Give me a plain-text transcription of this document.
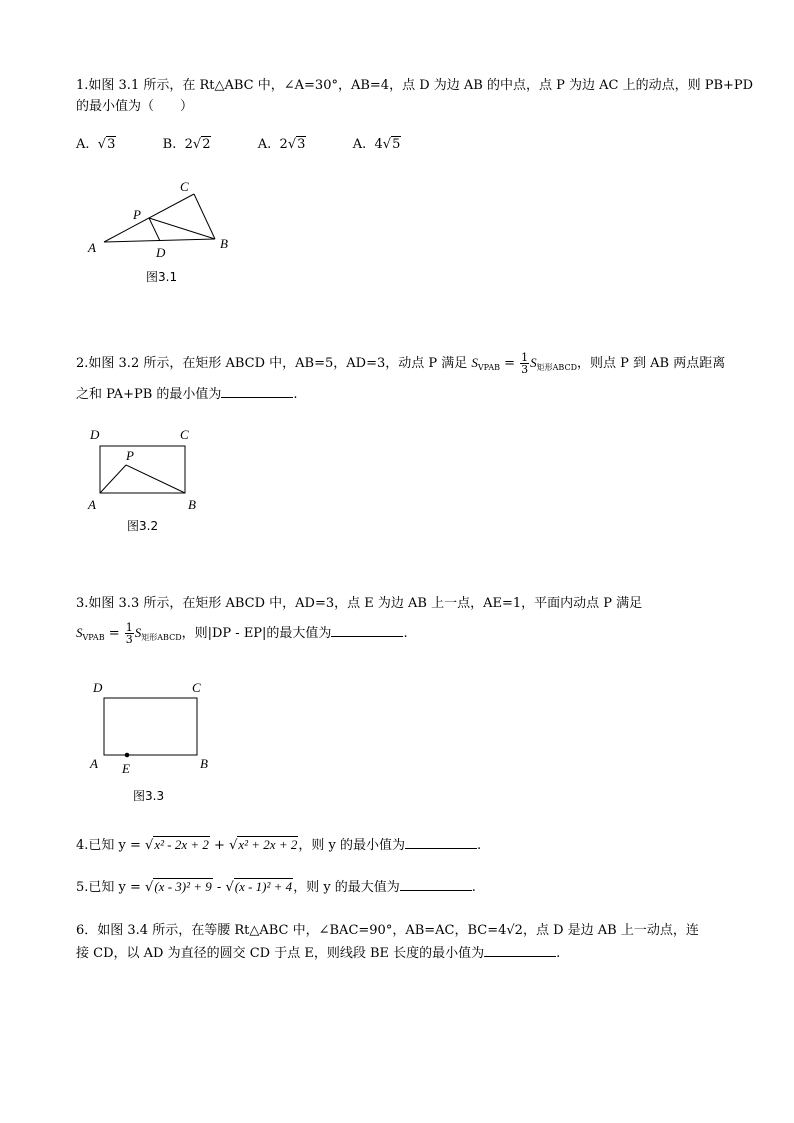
1.如图 3.1 所示，在 Rt△ABC 中，∠A=30°，AB=4，点 D 为边 AB 的中点，点 P 为边 AC 上的动点，则 PB+PD
的最小值为（　　）
A.  √3	B. 2√2	A. 2√3	A. 4√5
A	B
C
P
D
图3.1
2.如图 3.2 所示，在矩形 ABCD 中，AB=5，AD=3，动点 P 满足 $S_{VPAB} = \frac{1}{3} S_{矩形ABCD}$，则点 P 到 AB 两点距离
之和 PA+PB 的最小值为	.
D	C
A	B
P
图3.2
3.如图 3.3 所示，在矩形 ABCD 中，AD=3，点 E 为边 AB 上一点，AE=1，平面内动点 P 满足
$S_{VPAB} = \frac{1}{3} S_{矩形ABCD}$，则|DP - EP|的最大值为	.
D	C
A E	B
图3.3
4.已知 y = √x² - 2x + 2 + √x² + 2x + 2，则 y 的最小值为	.
5.已知 y = √(x - 3)² + 9 - √(x - 1)² + 4，则 y 的最大值为	.
6．如图 3.4 所示，在等腰 Rt△ABC 中，∠BAC=90°，AB=AC，BC=4√2，点 D 是边 AB 上一动点，连
接 CD，以 AD 为直径的圆交 CD 于点 E，则线段 BE 长度的最小值为	.
